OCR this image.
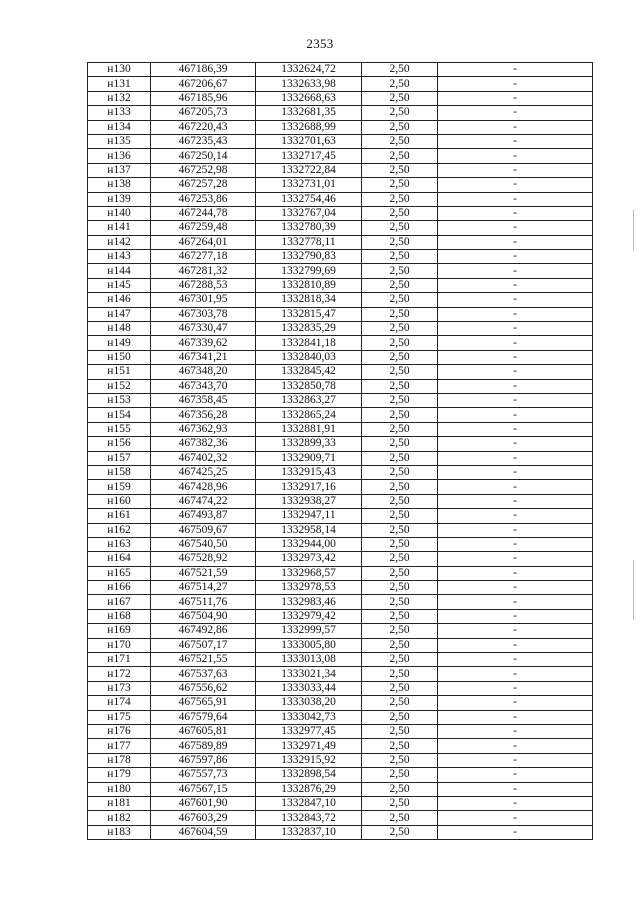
2353
н130	467186,39	1332624,72	2,50	-
н131	467206,67	1332633,98	2,50	-
н132	467185,96	1332668,63	2,50	-
н133	467205,73	1332681,35	2,50	-
н134	467220,43	1332688,99	2,50	-
н135	467235,43	1332701,63	2,50	-
н136	467250,14	1332717,45	2,50	-
н137	467252,98	1332722,84	2,50	-
н138	467257,28	1332731,01	2,50	-
н139	467253,86	1332754,46	2,50	-
н140	467244,78	1332767,04	2,50	-
н141	467259,48	1332780,39	2,50	-
н142	467264,01	1332778,11	2,50	-
н143	467277,18	1332790,83	2,50	-
н144	467281,32	1332799,69	2,50	-
н145	467288,53	1332810,89	2,50	-
н146	467301,95	1332818,34	2,50	-
н147	467303,78	1332815,47	2,50	-
н148	467330,47	1332835,29	2,50	-
н149	467339,62	1332841,18	2,50	-
н150	467341,21	1332840,03	2,50	-
н151	467348,20	1332845,42	2,50	-
н152	467343,70	1332850,78	2,50	-
н153	467358,45	1332863,27	2,50	-
н154	467356,28	1332865,24	2,50	-
н155	467362,93	1332881,91	2,50	-
н156	467382,36	1332899,33	2,50	-
н157	467402,32	1332909,71	2,50	-
н158	467425,25	1332915,43	2,50	-
н159	467428,96	1332917,16	2,50	-
н160	467474,22	1332938,27	2,50	-
н161	467493,87	1332947,11	2,50	-
н162	467509,67	1332958,14	2,50	-
н163	467540,50	1332944,00	2,50	-
н164	467528,92	1332973,42	2,50	-
н165	467521,59	1332968,57	2,50	-
н166	467514,27	1332978,53	2,50	-
н167	467511,76	1332983,46	2,50	-
н168	467504,90	1332979,42	2,50	-
н169	467492,86	1332999,57	2,50	-
н170	467507,17	1333005,80	2,50	-
н171	467521,55	1333013,08	2,50	-
н172	467537,63	1333021,34	2,50	-
н173	467556,62	1333033,44	2,50	-
н174	467565,91	1333038,20	2,50	-
н175	467579,64	1333042,73	2,50	-
н176	467605,81	1332977,45	2,50	-
н177	467589,89	1332971,49	2,50	-
н178	467597,86	1332915,92	2,50	-
н179	467557,73	1332898,54	2,50	-
н180	467567,15	1332876,29	2,50	-
н181	467601,90	1332847,10	2,50	-
н182	467603,29	1332843,72	2,50	-
н183	467604,59	1332837,10	2,50	-
